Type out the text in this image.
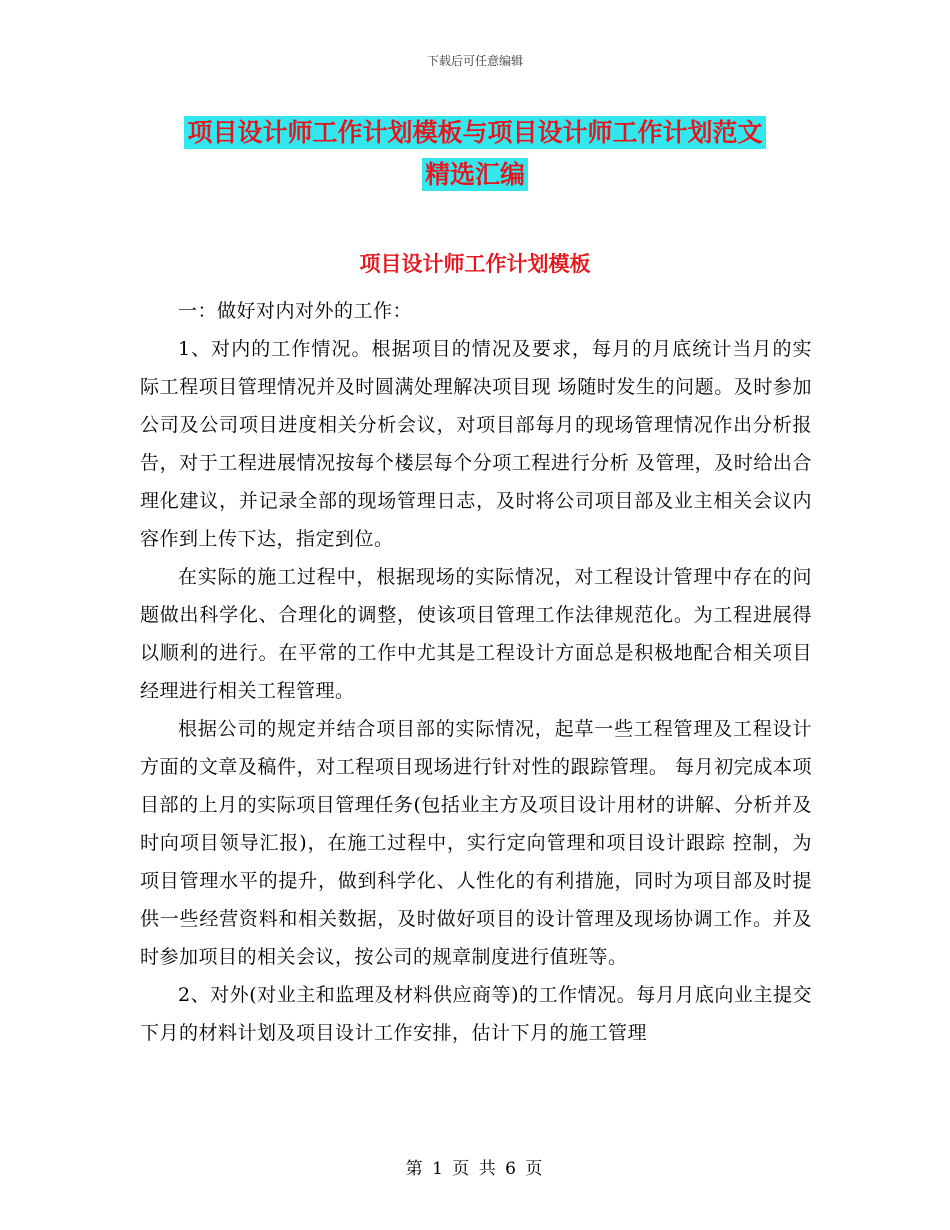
下载后可任意编辑
项目设计师工作计划模板与项目设计师工作计划范文
精选汇编
项目设计师工作计划模板

一：做好对内对外的工作：

1、对内的工作情况。根据项目的情况及要求，每月的月底统计当月的实际工程项目管理情况并及时圆满处理解决项目现 场随时发生的问题。及时参加公司及公司项目进度相关分析会议，对项目部每月的现场管理情况作出分析报告，对于工程进展情况按每个楼层每个分项工程进行分析 及管理，及时给出合理化建议，并记录全部的现场管理日志，及时将公司项目部及业主相关会议内容作到上传下达，指定到位。

在实际的施工过程中，根据现场的实际情况，对工程设计管理中存在的问题做出科学化、合理化的调整，使该项目管理工作法律规范化。为工程进展得以顺利的进行。在平常的工作中尤其是工程设计方面总是积极地配合相关项目经理进行相关工程管理。

根据公司的规定并结合项目部的实际情况，起草一些工程管理及工程设计方面的文章及稿件，对工程项目现场进行针对性的跟踪管理。 每月初完成本项目部的上月的实际项目管理任务(包括业主方及项目设计用材的讲解、分析并及时向项目领导汇报)，在施工过程中，实行定向管理和项目设计跟踪 控制，为项目管理水平的提升，做到科学化、人性化的有利措施，同时为项目部及时提供一些经营资料和相关数据，及时做好项目的设计管理及现场协调工作。并及 时参加项目的相关会议，按公司的规章制度进行值班等。

2、对外(对业主和监理及材料供应商等)的工作情况。每月月底向业主提交下月的材料计划及项目设计工作安排，估计下月的施工管理

第 1 页 共 6 页
